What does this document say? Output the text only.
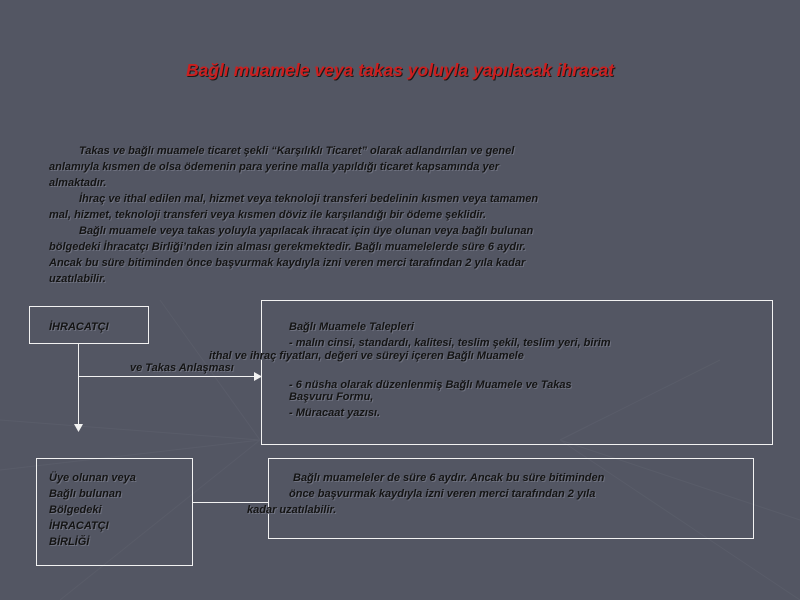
Bağlı muamele veya takas yoluyla yapılacak ihracat

Takas ve bağlı muamele ticaret şekli “Karşılıklı Ticaret” olarak adlandırılan ve genel

anlamıyla kısmen de olsa ödemenin para yerine malla yapıldığı ticaret kapsamında yer

almaktadır.

İhraç ve ithal edilen mal, hizmet veya teknoloji transferi bedelinin kısmen veya tamamen

mal, hizmet, teknoloji transferi veya kısmen döviz ile karşılandığı bir ödeme şeklidir.

Bağlı muamele veya takas yoluyla yapılacak ihracat için üye olunan veya bağlı bulunan

bölgedeki İhracatçı Birliği’nden izin alması gerekmektedir. Bağlı muamelelerde süre 6 aydır.

Ancak bu süre bitiminden önce başvurmak kaydıyla izni veren merci tarafından 2 yıla kadar

uzatılabilir.

İHRACATÇI	Bağlı Muamele Talepleri
- malın cinsi, standardı, kalitesi, teslim şekil, teslim yeri, birim
ithal ve ihraç fiyatları, değeri ve süreyi içeren Bağlı Muamele
ve Takas Anlaşması
- 6 nüsha olarak düzenlenmiş Bağlı Muamele ve Takas
Başvuru Formu,
- Müracaat yazısı.
Üye olunan veya
Bağlı bulunan
Bölgedeki
İHRACATÇI
BİRLİĞİ
Bağlı muameleler de süre 6 aydır. Ancak bu süre bitiminden
önce başvurmak kaydıyla izni veren merci tarafından 2 yıla
kadar uzatılabilir.
